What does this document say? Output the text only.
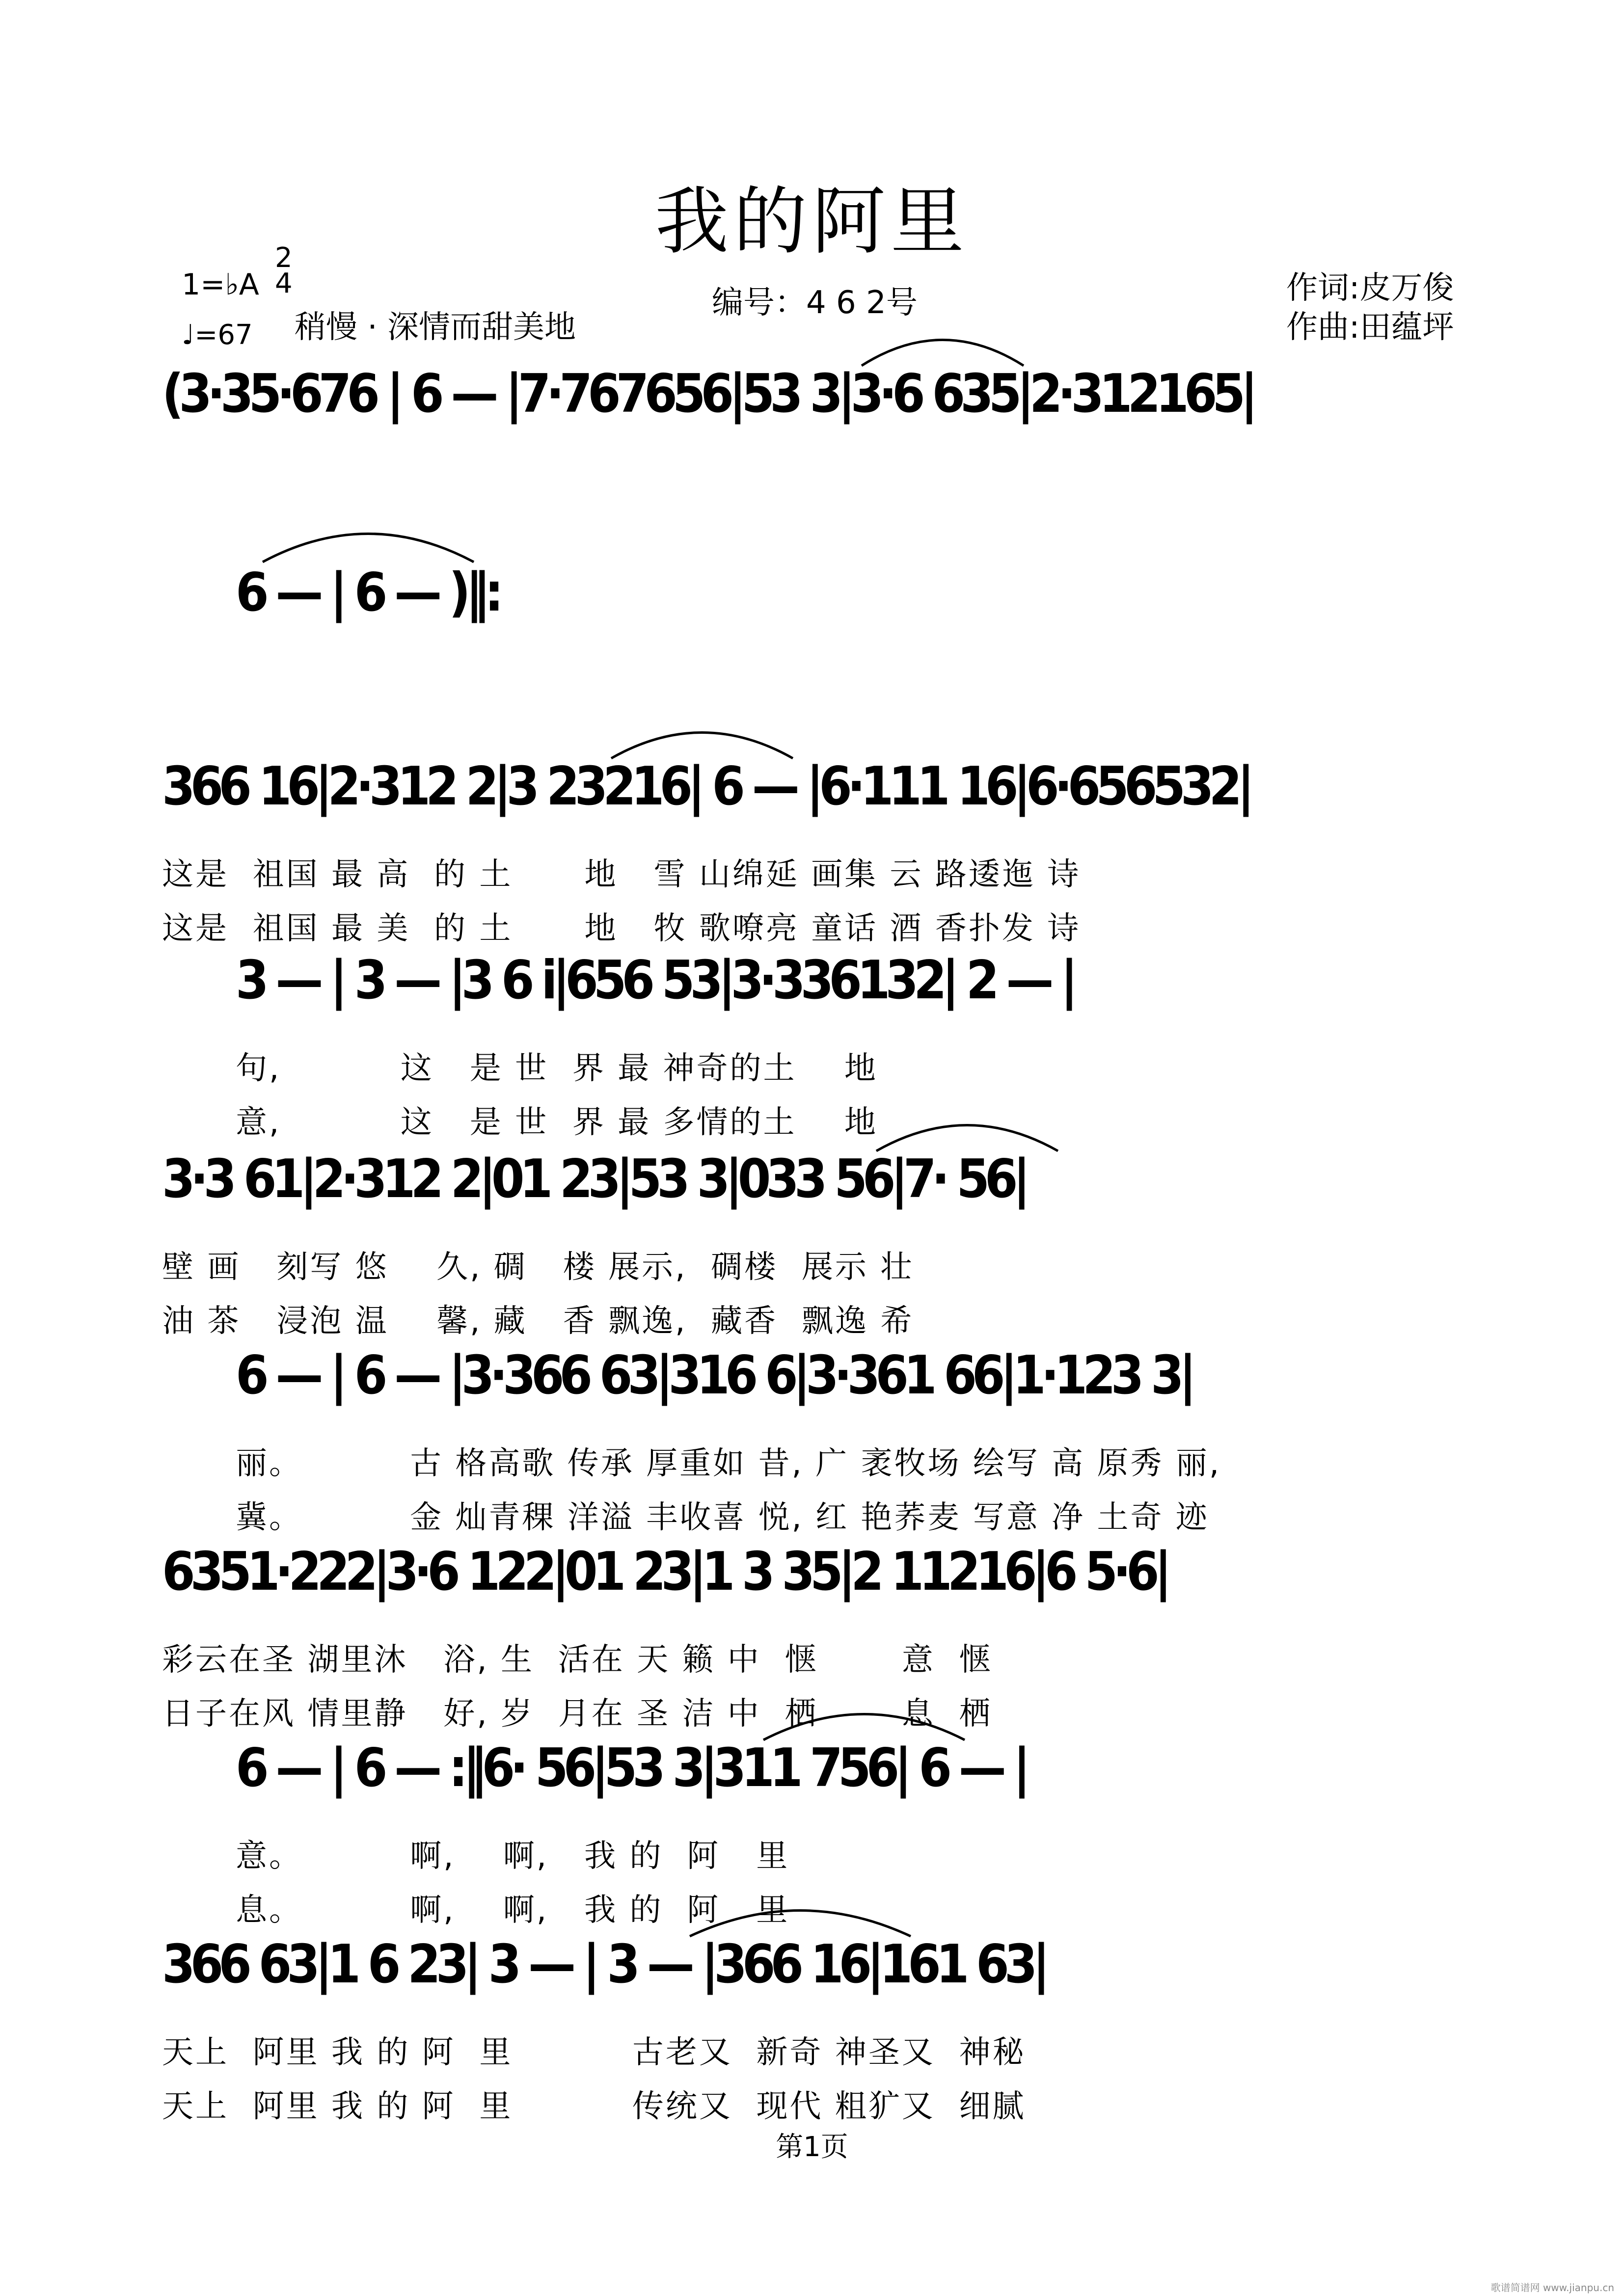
我的阿里
1=♭A
2
4
♩=67 稍慢 · 深情而甜美地
编号：4 6 2号	作词:皮万俊
作曲:田蕴坪
(3·35·676 | 6 — |7·767656|53 3|3·6 635|2·312165|
6 — | 6 — )‖:
366 16|2·312 2|3 23216| 6 — |6·111 16|6·656532|
这是  祖国 最 高  的 土      地   雪 山绵延 画集 云 路逶迤 诗
这是  祖国 最 美  的 土      地   牧 歌嘹亮 童话 酒 香扑发 诗
3 — | 3 — |3 6 i|656 53|3·336132| 2 — |
句,          这   是 世  界 最 神奇的土    地
意,          这   是 世  界 最 多情的土    地
3·3 61|2·312 2|01 23|53 3|033 56|7· 56|
壁 画   刻写 悠    久, 碉   楼 展示,  碉楼  展示 壮
油 茶   浸泡 温    馨, 藏   香 飘逸,  藏香  飘逸 希
6 — | 6 — |3·366 63|316 6|3·361 66|1·123 3|
丽。         古 格高歌 传承 厚重如 昔, 广 袤牧场 绘写 高 原秀 丽,
冀。         金 灿青稞 洋溢 丰收喜 悦, 红 艳荞麦 写意 净 土奇 迹
6351·222|3·6 122|01 23|1 3 35|2 11216|6 5·6|
彩云在圣 湖里沐   浴, 生  活在 天 籁 中  惬       意  惬
日子在风 情里静   好, 岁  月在 圣 洁 中  栖       息  栖
6 — | 6 — :‖6· 56|53 3|311 756| 6 — |
意。         啊,    啊,   我 的  阿   里
息。         啊,    啊,   我 的  阿   里
366 63|1 6 23| 3 — | 3 — |366 16|161 63|
天上  阿里 我 的 阿  里          古老又  新奇 神圣又  神秘
天上  阿里 我 的 阿  里          传统又  现代 粗犷又  细腻
第1页
歌谱简谱网 www.jianpu.cn
